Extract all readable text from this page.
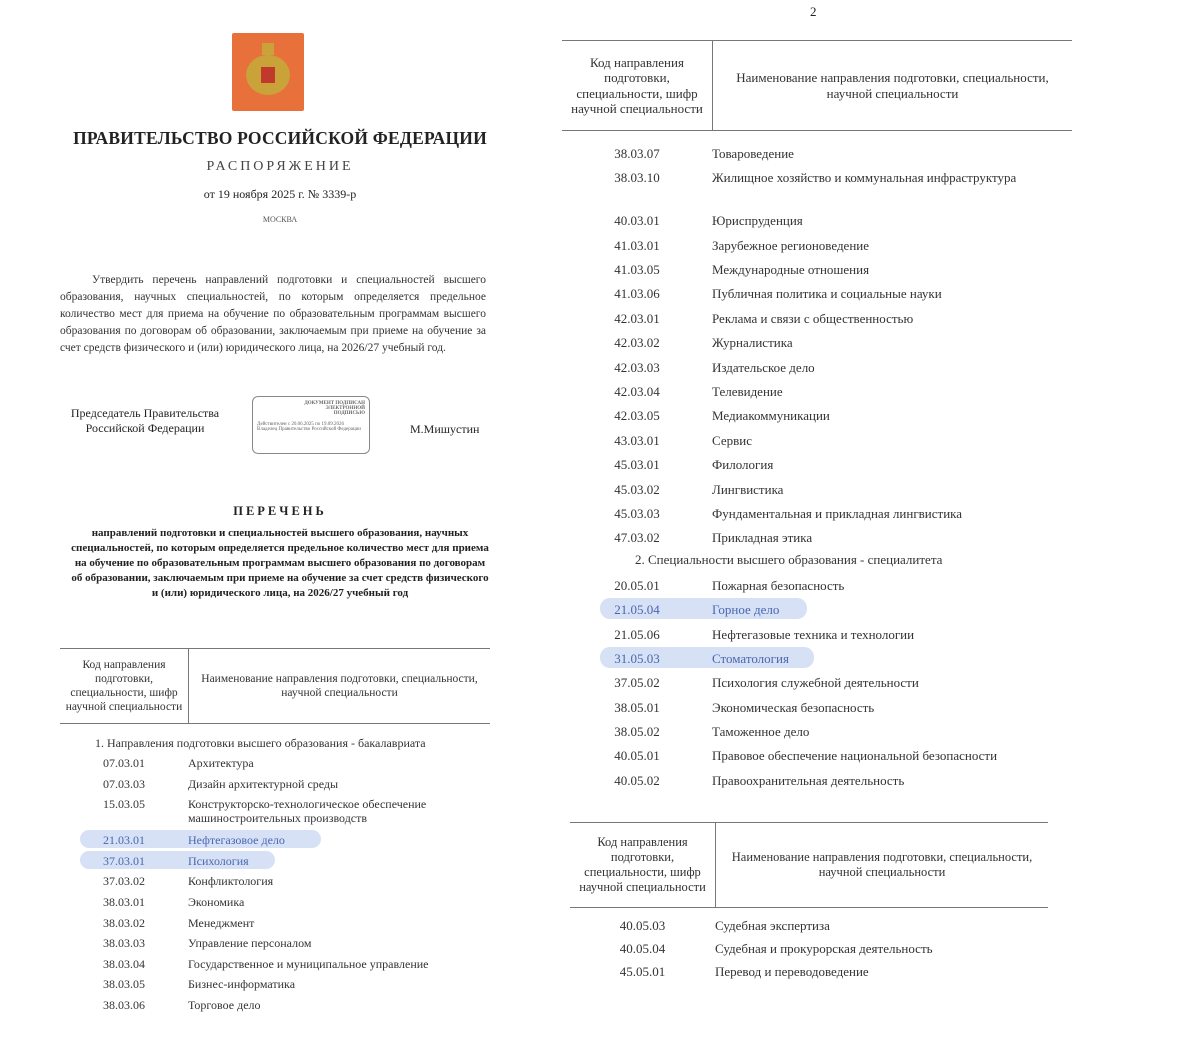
ПРАВИТЕЛЬСТВО РОССИЙСКОЙ ФЕДЕРАЦИИ
РАСПОРЯЖЕНИЕ
от 19 ноября 2025 г. № 3339-р
МОСКВА
Утвердить перечень направлений подготовки и специальностей высшего образования, научных специальностей, по которым определяется предельное количество мест для приема на обучение по образовательным программам высшего образования по договорам об образовании, заключаемым при приеме на обучение за счет средств физического и (или) юридического лица, на 2026/27 учебный год.
Председатель Правительства Российской Федерации
ДОКУМЕНТ ПОДПИСАН ЭЛЕКТРОННОЙ ПОДПИСЬЮ
Действителен с 20.06.2025 по 19.09.2026 Владелец Правительство Российской Федерации	М.Мишустин
ПЕРЕЧЕНЬ
направлений подготовки и специальностей высшего образования, научных специальностей, по которым определяется предельное количество мест для приема на обучение по образовательным программам высшего образования по договорам об образовании, заключаемым при приеме на обучение за счет средств физического и (или) юридического лица, на 2026/27 учебный год
Код направления подготовки, специальности, шифр научной специальности
Наименование направления подготовки, специальности, научной специальности
1. Направления подготовки высшего образования - бакалавриата
07.03.01	Архитектура
07.03.03	Дизайн архитектурной среды
15.03.05	Конструкторско-технологическое обеспечение машиностроительных производств
21.03.01	Нефтегазовое дело
37.03.01	Психология
37.03.02	Конфликтология
38.03.01	Экономика
38.03.02	Менеджмент
38.03.03	Управление персоналом
38.03.04	Государственное и муниципальное управление
38.03.05	Бизнес-информатика
38.03.06	Торговое дело
2
Код направления подготовки, специальности, шифр научной специальности
Наименование направления подготовки, специальности, научной специальности
2. Специальности высшего образования - специалитета
Код направления подготовки, специальности, шифр научной специальности
Наименование направления подготовки, специальности, научной специальности
38.03.07	Товароведение
38.03.10	Жилищное хозяйство и коммунальная инфраструктура
40.03.01	Юриспруденция
41.03.01	Зарубежное регионоведение
41.03.05	Международные отношения
41.03.06	Публичная политика и социальные науки
42.03.01	Реклама и связи с общественностью
42.03.02	Журналистика
42.03.03	Издательское дело
42.03.04	Телевидение
42.03.05	Медиакоммуникации
43.03.01	Сервис
45.03.01	Филология
45.03.02	Лингвистика
45.03.03	Фундаментальная и прикладная лингвистика
47.03.02	Прикладная этика
20.05.01	Пожарная безопасность
21.05.04	Горное дело
21.05.06	Нефтегазовые техника и технологии
31.05.03	Стоматология
37.05.02	Психология служебной деятельности
38.05.01	Экономическая безопасность
38.05.02	Таможенное дело
40.05.01	Правовое обеспечение национальной безопасности
40.05.02	Правоохранительная деятельность
40.05.03	Судебная экспертиза
40.05.04	Судебная и прокурорская деятельность
45.05.01	Перевод и переводоведение
